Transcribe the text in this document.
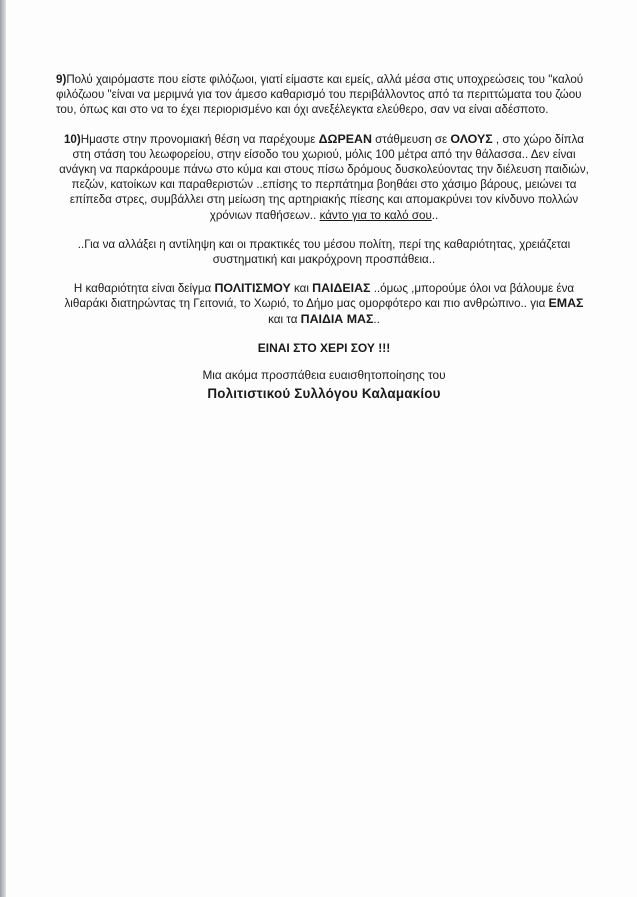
9)Πολύ χαιρόμαστε που είστε φιλόζωοι, γιατί είμαστε και εμείς, αλλά μέσα στις υποχρεώσεις του "καλού φιλόζωου "είναι να μεριμνά για τον άμεσο καθαρισμό του περιβάλλοντος από τα περιττώματα του ζώου του, όπως και στο να το έχει περιορισμένο και όχι ανεξέλεγκτα ελεύθερο, σαν να είναι αδέσποτο.

10)Ημαστε στην προνομιακή θέση να παρέχουμε ΔΩΡΕΑΝ στάθμευση σε ΟΛΟΥΣ , στο χώρο δίπλα στη στάση του λεωφορείου, στην είσοδο του χωριού, μόλις 100 μέτρα από την θάλασσα.. Δεν είναι ανάγκη να παρκάρουμε πάνω στο κύμα και στους πίσω δρόμους δυσκολεύοντας την διέλευση παιδιών, πεζών, κατοίκων και παραθεριστών ..επίσης το περπάτημα βοηθάει στο χάσιμο βάρους, μειώνει τα επίπεδα στρες, συμβάλλει στη μείωση της αρτηριακής πίεσης και απομακρύνει τον κίνδυνο πολλών χρόνιων παθήσεων.. κάντο για το καλό σου..

..Για να αλλάξει η αντίληψη και οι πρακτικές του μέσου πολίτη, περί της καθαριότητας, χρειάζεται συστηματική και μακρόχρονη προσπάθεια..

Η καθαριότητα είναι δείγμα ΠΟΛΙΤΙΣΜΟΥ και ΠΑΙΔΕΙΑΣ ..όμως ,μπορούμε όλοι να βάλουμε ένα λιθαράκι διατηρώντας τη Γειτονιά, το Χωριό, το Δήμο μας ομορφότερο και πιο ανθρώπινο.. για ΕΜΑΣ και τα ΠΑΙΔΙΑ ΜΑΣ..

ΕΙΝΑΙ ΣΤΟ ΧΕΡΙ ΣΟΥ !!!

Μια ακόμα προσπάθεια ευαισθητοποίησης του

Πολιτιστικού Συλλόγου Καλαμακίου
